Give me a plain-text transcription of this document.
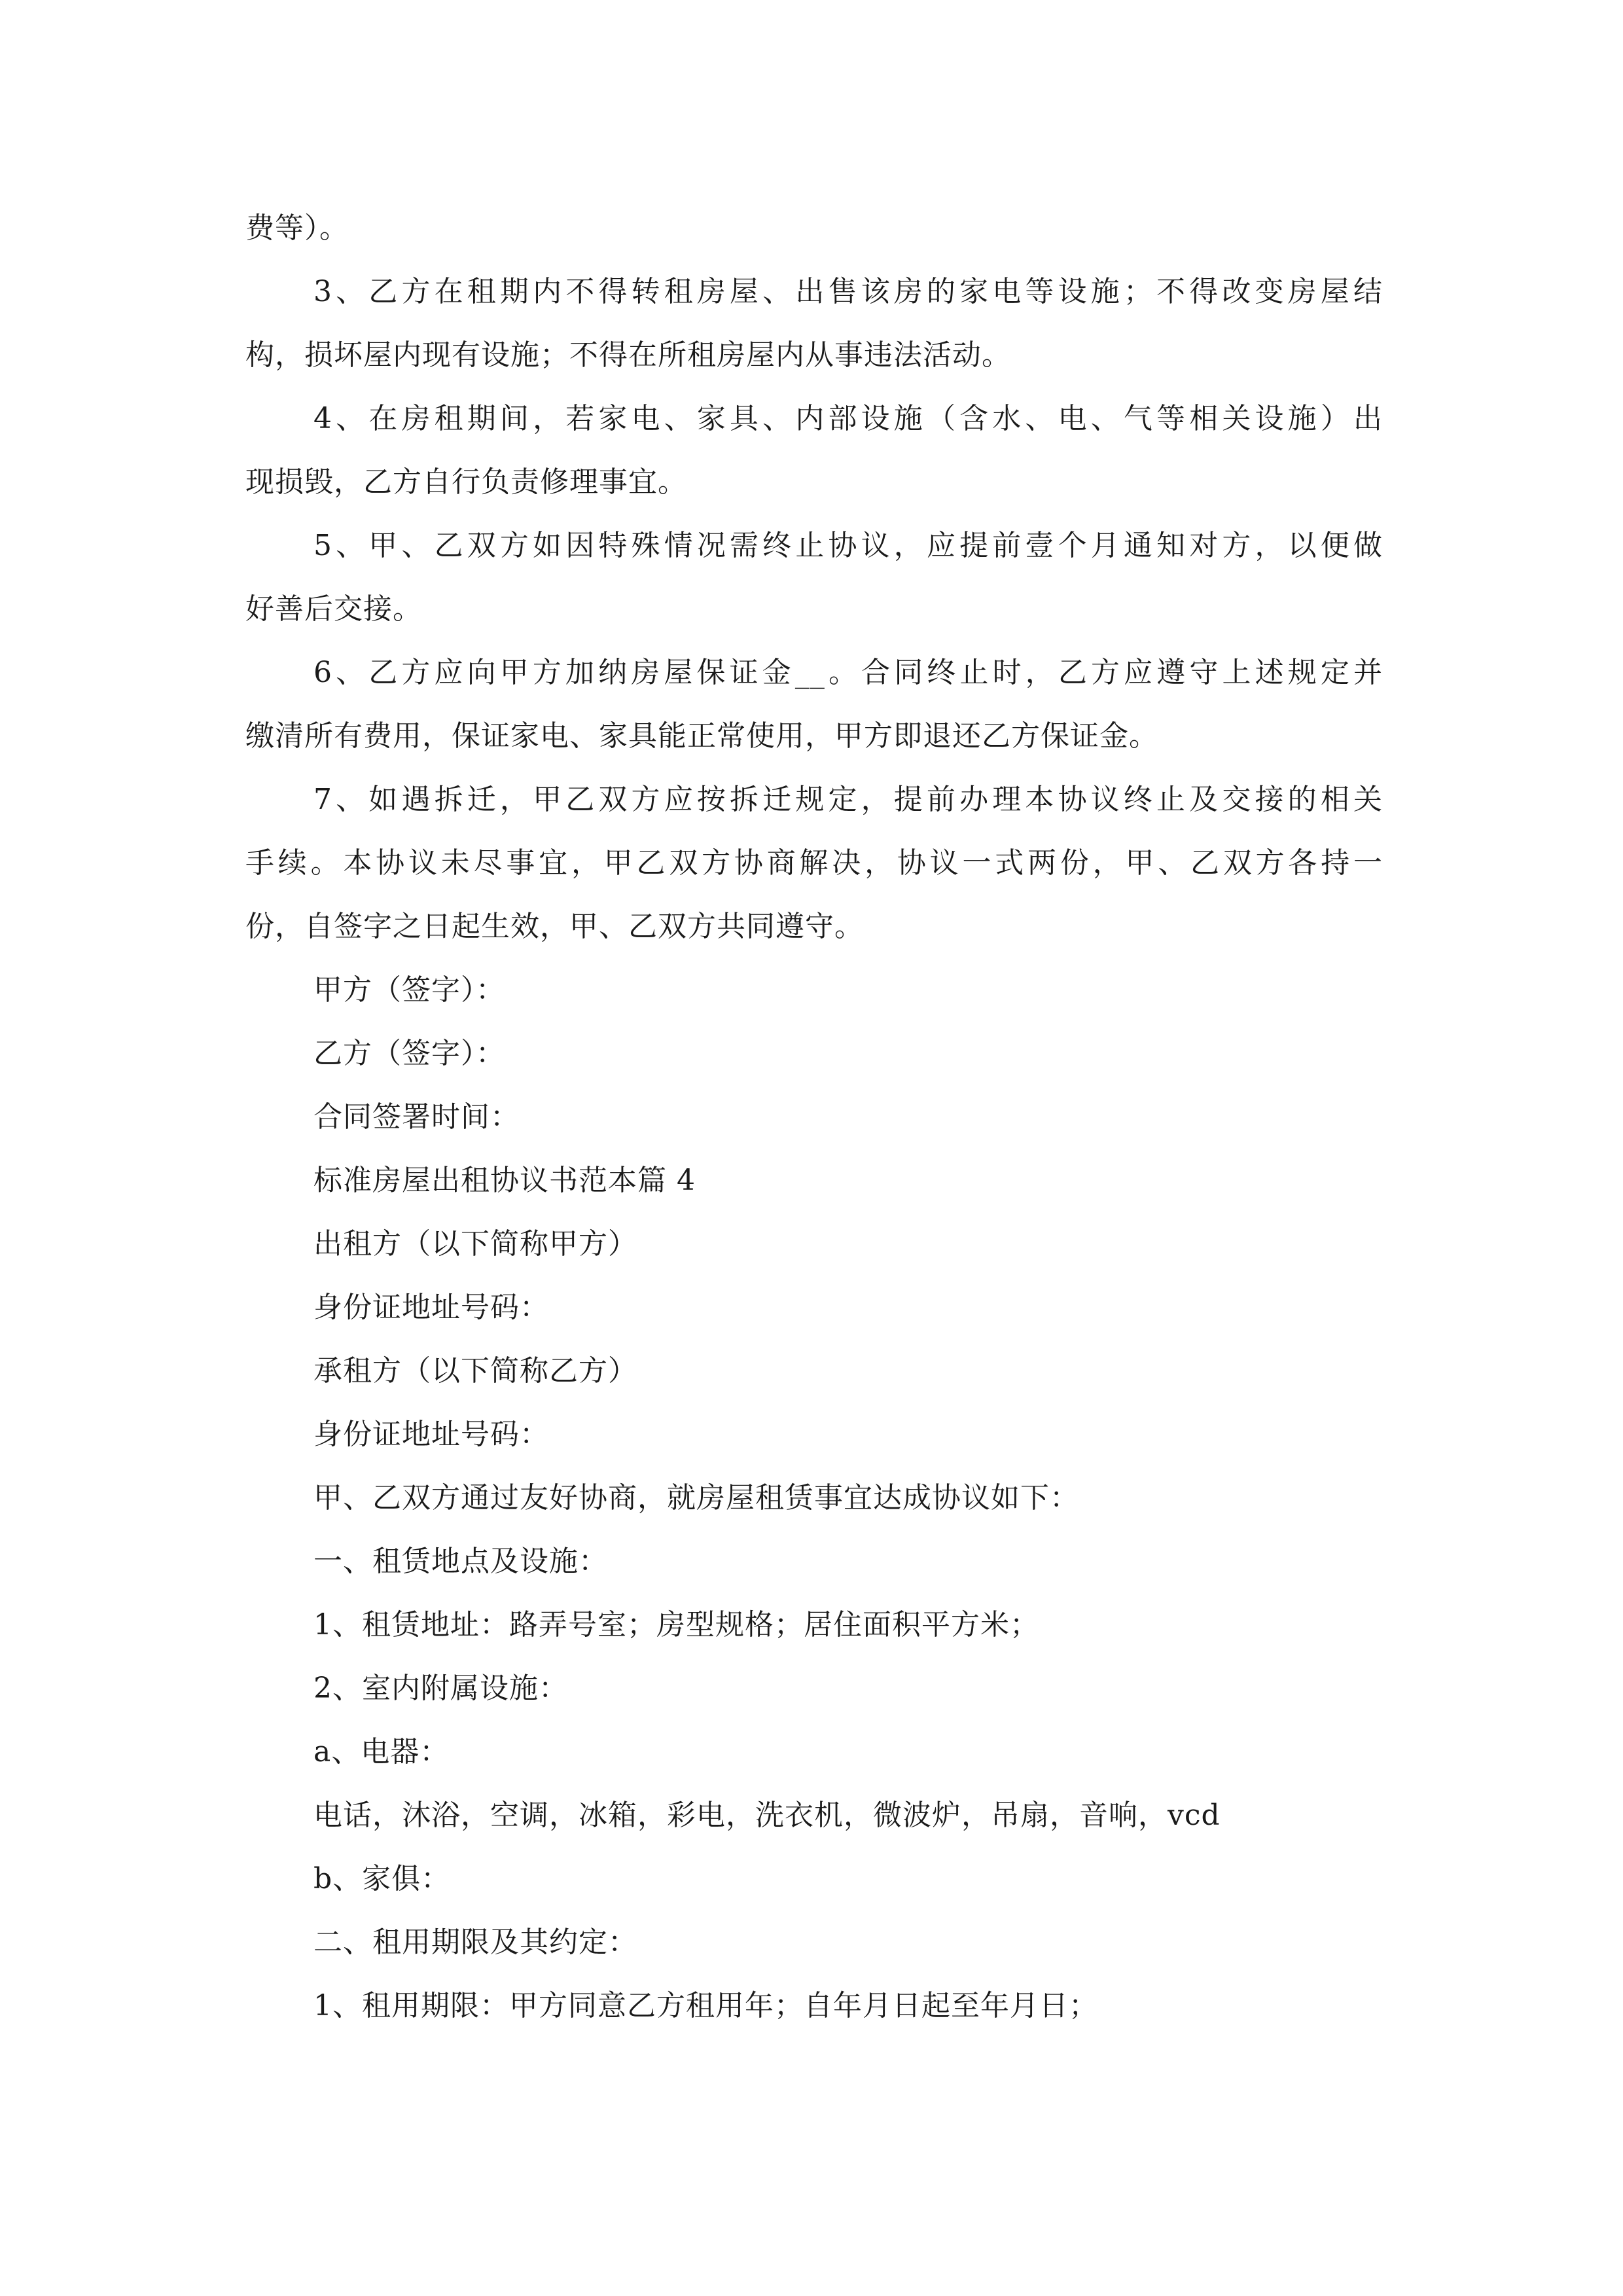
费等）。
3、乙方在租期内不得转租房屋、出售该房的家电等设施；不得改变房屋结
构，损坏屋内现有设施；不得在所租房屋内从事违法活动。
4、在房租期间，若家电、家具、内部设施（含水、电、气等相关设施）出
现损毁，乙方自行负责修理事宜。
5、甲、乙双方如因特殊情况需终止协议，应提前壹个月通知对方，以便做
好善后交接。
6、乙方应向甲方加纳房屋保证金__。合同终止时，乙方应遵守上述规定并
缴清所有费用，保证家电、家具能正常使用，甲方即退还乙方保证金。
7、如遇拆迁，甲乙双方应按拆迁规定，提前办理本协议终止及交接的相关
手续。本协议未尽事宜，甲乙双方协商解决，协议一式两份，甲、乙双方各持一
份，自签字之日起生效，甲、乙双方共同遵守。
甲方（签字）：
乙方（签字）：
合同签署时间：
标准房屋出租协议书范本篇 4
出租方（以下简称甲方）
身份证地址号码：
承租方（以下简称乙方）
身份证地址号码：
甲、乙双方通过友好协商，就房屋租赁事宜达成协议如下：
一、租赁地点及设施：
1、租赁地址：路弄号室；房型规格；居住面积平方米；
2、室内附属设施：
a、电器：
电话，沐浴，空调，冰箱，彩电，洗衣机，微波炉，吊扇，音响，vcd
b、家俱：
二、租用期限及其约定：
1、租用期限：甲方同意乙方租用年；自年月日起至年月日；
